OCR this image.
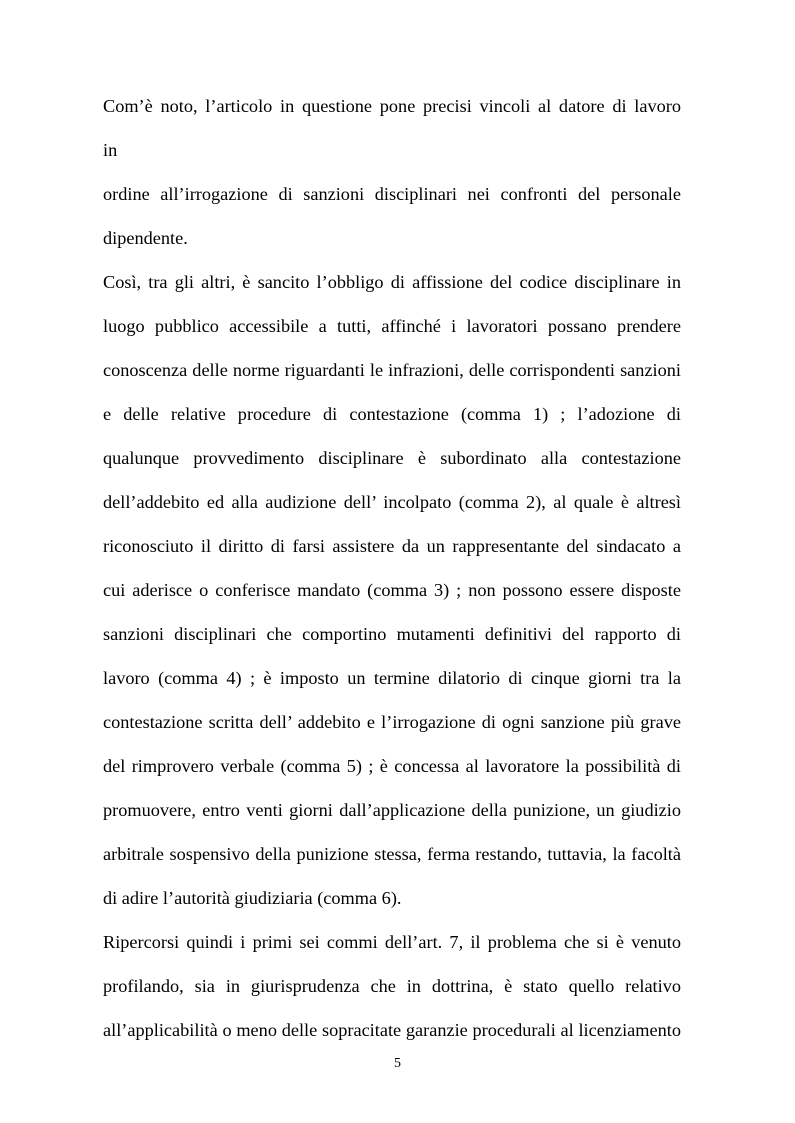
Com’è noto, l’articolo in questione pone precisi vincoli al datore di lavoro
in
ordine all’irrogazione di sanzioni disciplinari nei confronti del personale
dipendente.
Così, tra gli altri, è sancito l’obbligo di affissione del codice disciplinare in
luogo pubblico accessibile a tutti, affinché i lavoratori possano prendere
conoscenza delle norme riguardanti le infrazioni, delle corrispondenti sanzioni
e delle relative procedure di contestazione (comma 1) ; l’adozione di
qualunque provvedimento disciplinare è subordinato alla contestazione
dell’addebito ed alla audizione dell’ incolpato (comma 2), al quale è altresì
riconosciuto il diritto di farsi assistere da un rappresentante del sindacato a
cui aderisce o conferisce mandato (comma 3) ; non possono essere disposte
sanzioni disciplinari che comportino mutamenti definitivi del rapporto di
lavoro (comma 4) ; è imposto un termine dilatorio di cinque giorni tra la
contestazione scritta dell’ addebito e l’irrogazione di ogni sanzione più grave
del rimprovero verbale (comma 5) ; è concessa al lavoratore la possibilità di
promuovere, entro venti giorni dall’applicazione della punizione, un giudizio
arbitrale sospensivo della punizione stessa, ferma restando, tuttavia, la facoltà
di adire l’autorità giudiziaria (comma 6).
Ripercorsi quindi i primi sei commi dell’art. 7, il problema che si è venuto
profilando, sia in giurisprudenza che in dottrina, è stato quello relativo
all’applicabilità o meno delle sopracitate garanzie procedurali al licenziamento
5
